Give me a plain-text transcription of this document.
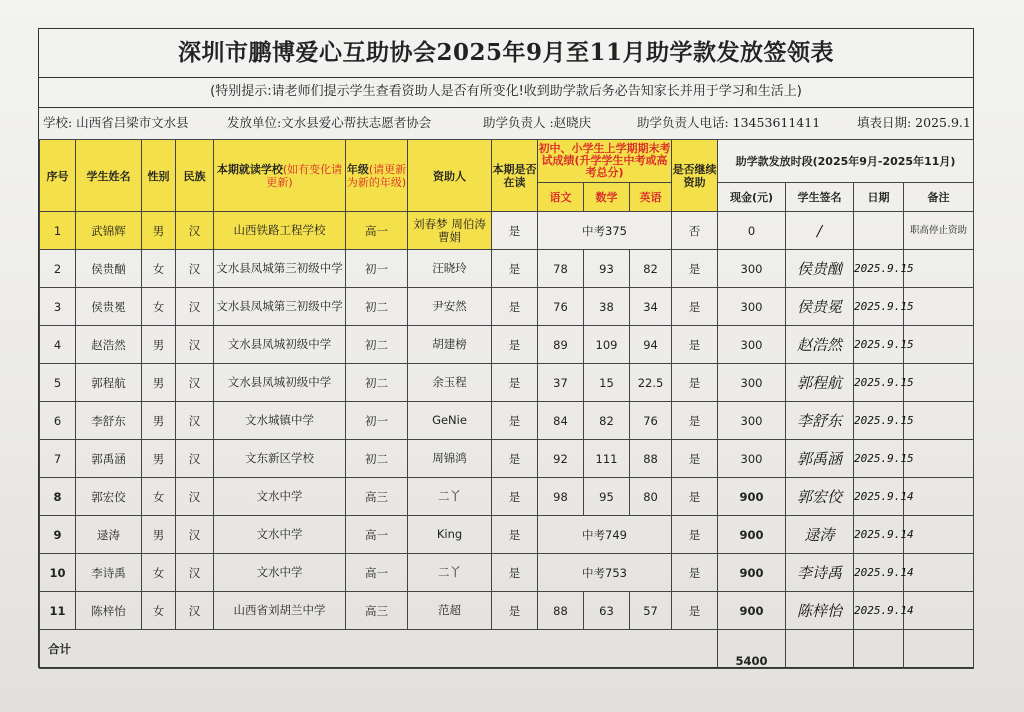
深圳市鹏博爱心互助协会2025年9月至11月助学款发放签领表
(特别提示:请老师们提示学生查看资助人是否有所变化!收到助学款后务必告知家长并用于学习和生活上)
学校: 山西省吕梁市文水县	发放单位:文水县爱心帮扶志愿者协会	助学负责人 :赵晓庆	助学负责人电话: 13453611411	填表日期: 2025.9.1
序号	学生姓名	性别	民族	本期就读学校(如有变化请更新)	年级(请更新为新的年级)	资助人	本期是否在读	初中、小学生上学期期末考试成绩(升学学生中考或高考总分)			是否继续资助	助学款发放时段(2025年9月-2025年11月)			
								语文	数学	英语		现金(元)	学生签名	日期	备注
1	武锦辉	男	汉	山西铁路工程学校	高一	刘春梦 周伯涛 曹娟	是	中考375			否	0	/		职高停止资助
2	侯贵酗	女	汉	文水县凤城第三初级中学	初一	汪晓玲	是	78	93	82	是	300	侯贵酗	2025.9.15	
3	侯贵冕	女	汉	文水县凤城第三初级中学	初二	尹安然	是	76	38	34	是	300	侯贵冕	2025.9.15	
4	赵浩然	男	汉	文水县凤城初级中学	初二	胡建榜	是	89	109	94	是	300	赵浩然	2025.9.15	
5	郭程航	男	汉	文水县凤城初级中学	初二	余玉程	是	37	15	22.5	是	300	郭程航	2025.9.15	
6	李舒东	男	汉	文水城镇中学	初一	GeNie	是	84	82	76	是	300	李舒东	2025.9.15	
7	郭禹涵	男	汉	文东新区学校	初二	周锦鸿	是	92	111	88	是	300	郭禹涵	2025.9.15	
8	郭宏佼	女	汉	文水中学	高三	二丫	是	98	95	80	是	900	郭宏佼	2025.9.14	
9	逯涛	男	汉	文水中学	高一	King	是	中考749			是	900	逯涛	2025.9.14	
10	李诗禹	女	汉	文水中学	高一	二丫	是	中考753			是	900	李诗禹	2025.9.14	
11	陈梓怡	女	汉	山西省刘胡兰中学	高三	范超	是	88	63	57	是	900	陈梓怡	2025.9.14	
合计												5400			
